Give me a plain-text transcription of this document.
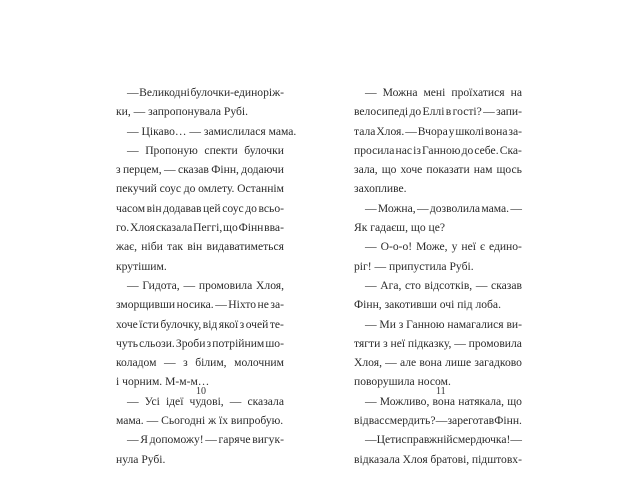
— Великодні булочки-единоріж-
ки, — запропонувала Рубі.
— Цікаво… — замислилася мама.
— Пропоную спекти булочки
з перцем, — сказав Фінн, додаючи
пекучий соус до омлету. Останнім
часом він додавав цей соус до всьо-
го. Хлоя сказала Пеггі, що Фінн вва-
жає, ніби так він видаватиметься
крутішим.
— Гидота, — промовила Хлоя,
зморщивши носика. — Ніхто не за-
хоче їсти булочку, від якої з очей те-
чуть сльози. Зроби з потрійним шо-
коладом — з білим, молочним
і чорним. М-м-м…
— Усі ідеї чудові, — сказала
мама. — Сьогодні ж їх випробую.
— Я допоможу! — гаряче вигук-
нула Рубі.
10
— Можна мені проїхатися на
велосипеді до Еллі в гості? — запи-
тала Хлоя. — Вчора у школі вона за-
просила нас із Ганною до себе. Ска-
зала, що хоче показати нам щось
захопливе.
— Можна, — дозволила мама. —
Як гадаєш, що це?
— О-о-о! Може, у неї є едино-
ріг! — припустила Рубі.
— Ага, сто відсотків, — сказав
Фінн, закотивши очі під лоба.
— Ми з Ганною намагалися ви-
тягти з неї підказку, — промовила
Хлоя, — але вона лише загадково
поворушила носом.
— Можливо, вона натякала, що
від вас смердить? — зареготав Фінн.
— Це ти справжній смердючка! —
відказала Хлоя братові, підштовх-
11
